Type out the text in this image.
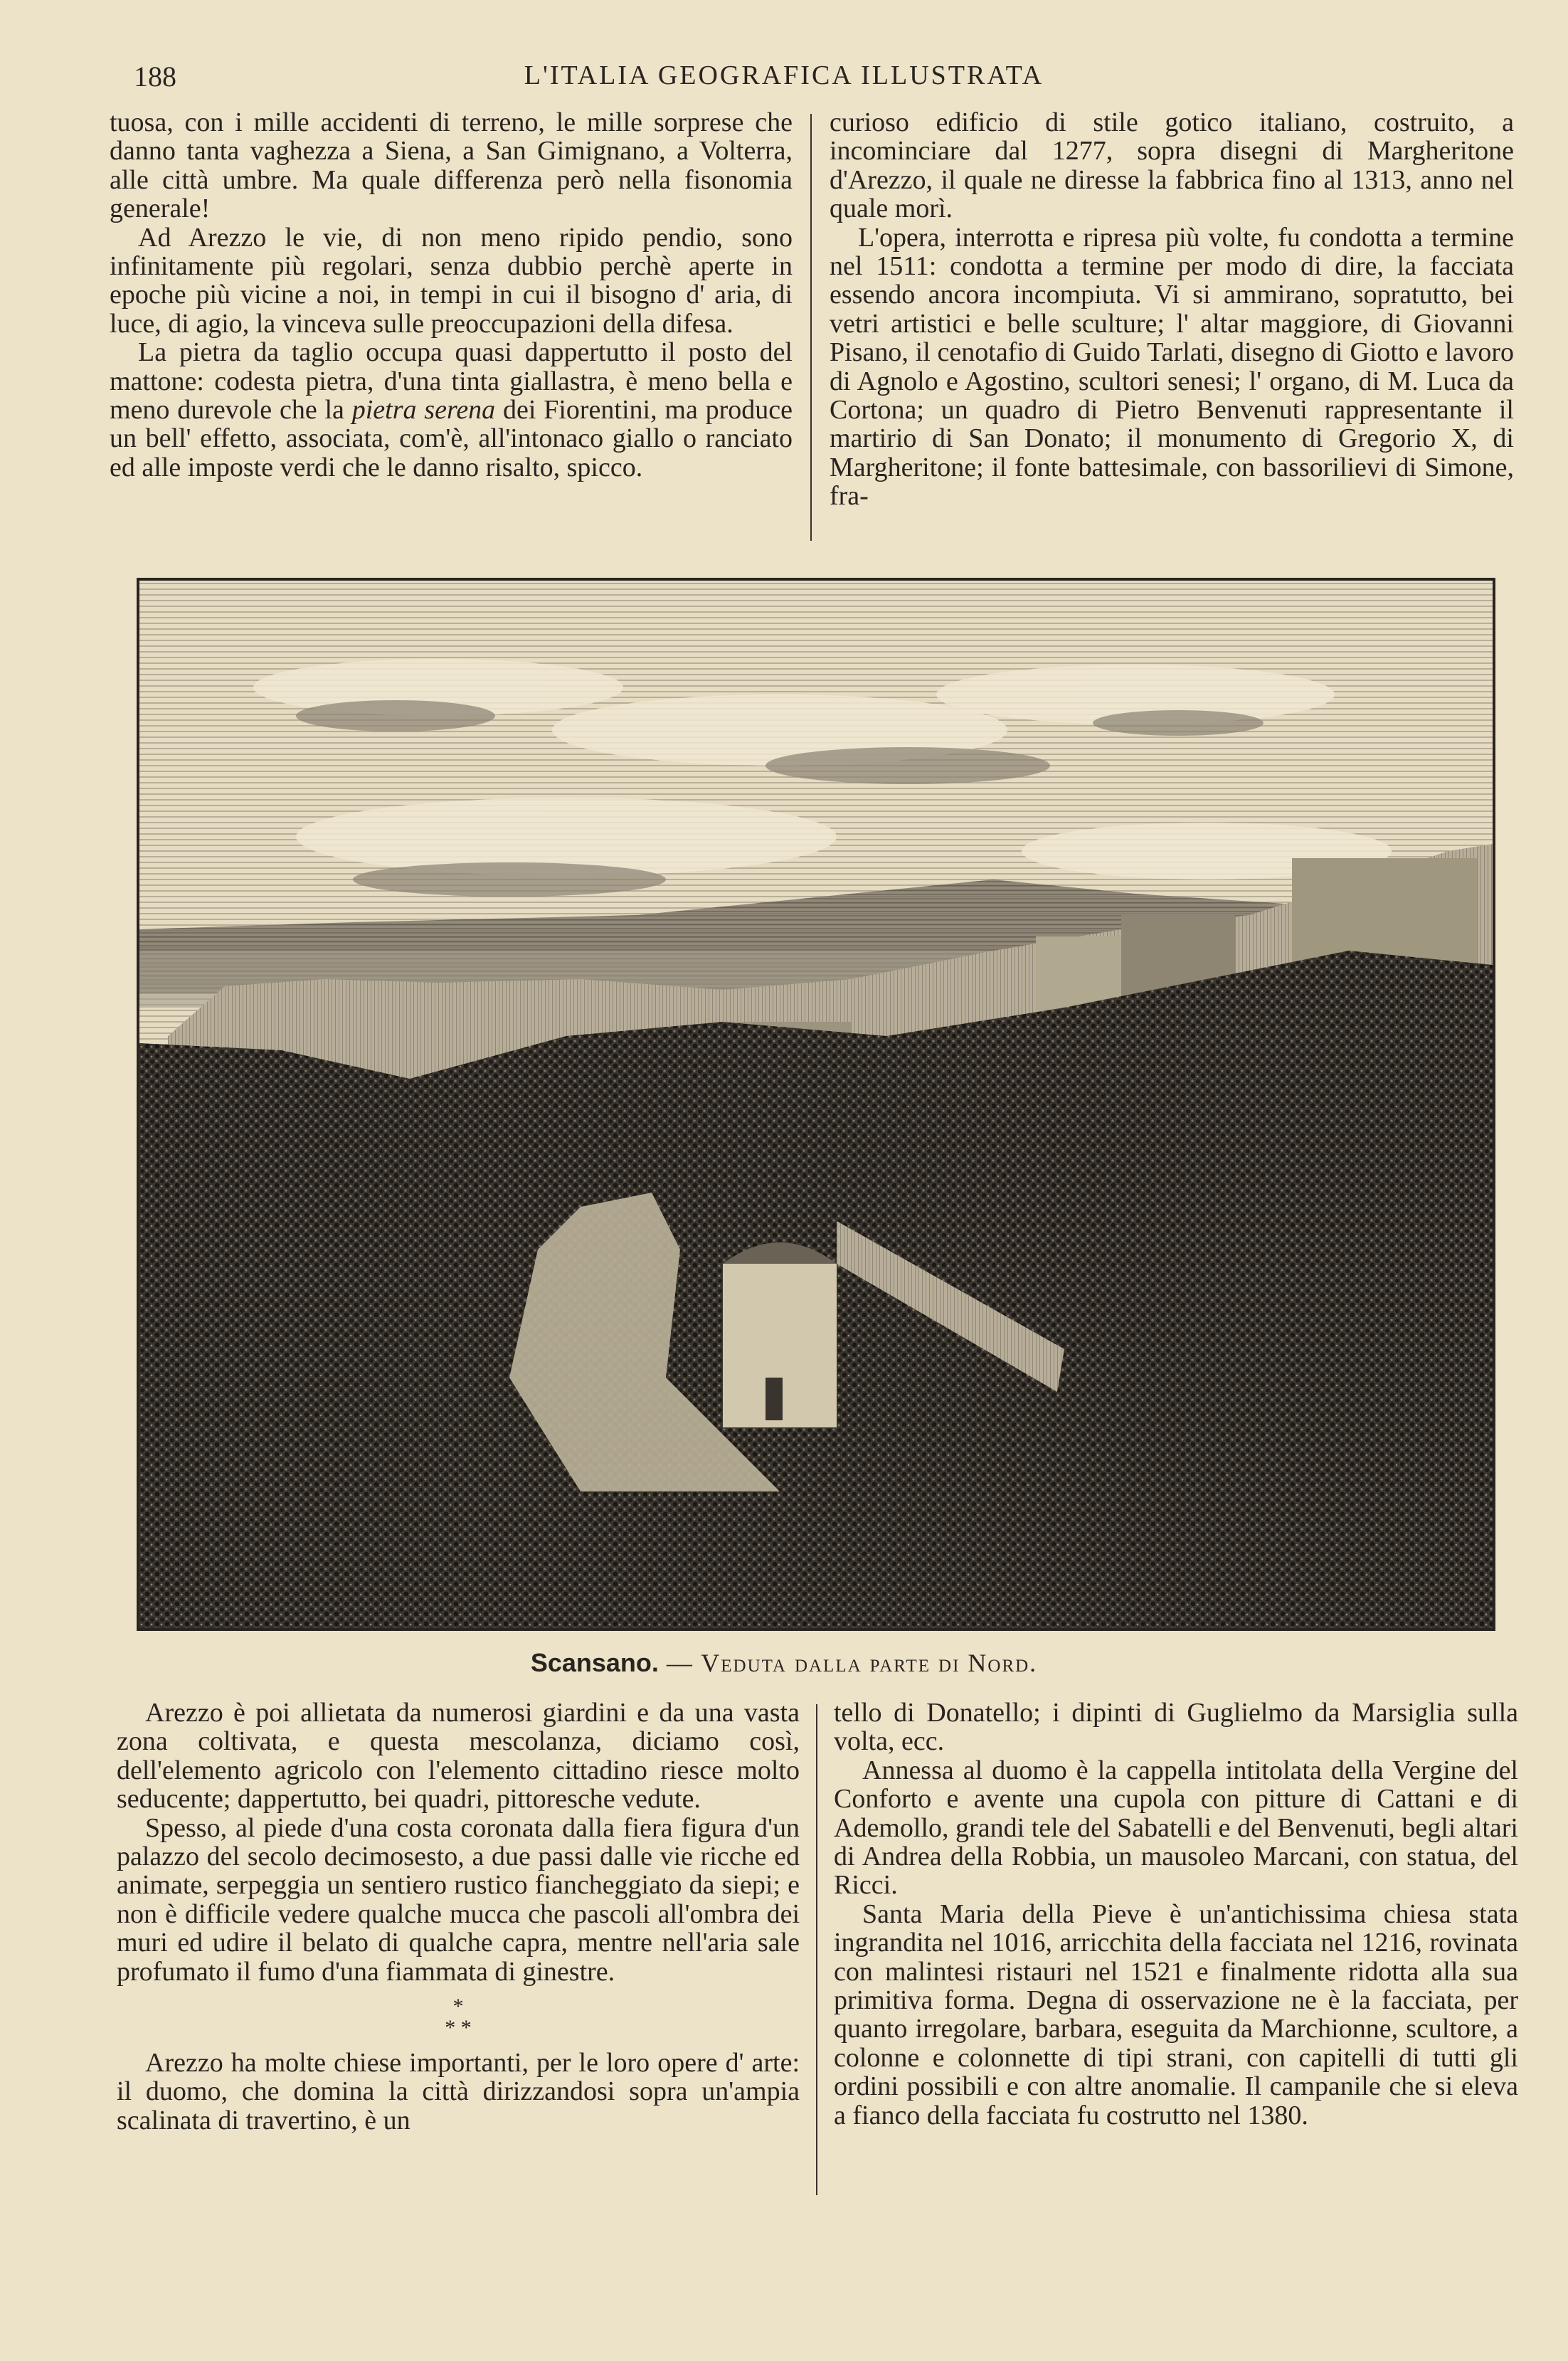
188	L'ITALIA GEOGRAFICA ILLUSTRATA

tuosa, con i mille accidenti di terreno, le mille sorprese che danno tanta vaghezza a Siena, a San Gimignano, a Volterra, alle città umbre. Ma quale differenza però nella fisonomia generale!

Ad Arezzo le vie, di non meno ripido pendio, sono infinitamente più regolari, senza dubbio perchè aperte in epoche più vicine a noi, in tempi in cui il bisogno d' aria, di luce, di agio, la vinceva sulle preoccupazioni della difesa.

La pietra da taglio occupa quasi dappertutto il posto del mattone: codesta pietra, d'una tinta giallastra, è meno bella e meno durevole che la pietra serena dei Fiorentini, ma produce un bell' effetto, associata, com'è, all'intonaco giallo o ranciato ed alle imposte verdi che le danno risalto, spicco.

curioso edificio di stile gotico italiano, costruito, a incominciare dal 1277, sopra disegni di Margheritone d'Arezzo, il quale ne diresse la fabbrica fino al 1313, anno nel quale morì.

L'opera, interrotta e ripresa più volte, fu condotta a termine nel 1511: condotta a termine per modo di dire, la facciata essendo ancora incompiuta. Vi si ammirano, sopratutto, bei vetri artistici e belle sculture; l' altar maggiore, di Giovanni Pisano, il cenotafio di Guido Tarlati, disegno di Giotto e lavoro di Agnolo e Agostino, scultori senesi; l' organo, di M. Luca da Cortona; un quadro di Pietro Benvenuti rappresentante il martirio di San Donato; il monumento di Gregorio X, di Margheritone; il fonte battesimale, con bassorilievi di Simone, fra-

Scansano. — Veduta dalla parte di Nord.

Arezzo è poi allietata da numerosi giardini e da una vasta zona coltivata, e questa mescolanza, diciamo così, dell'elemento agricolo con l'elemento cittadino riesce molto seducente; dappertutto, bei quadri, pittoresche vedute.

Spesso, al piede d'una costa coronata dalla fiera figura d'un palazzo del secolo decimosesto, a due passi dalle vie ricche ed animate, serpeggia un sentiero rustico fiancheggiato da siepi; e non è difficile vedere qualche mucca che pascoli all'ombra dei muri ed udire il belato di qualche capra, mentre nell'aria sale profumato il fumo d'una fiammata di ginestre.

*
* *

Arezzo ha molte chiese importanti, per le loro opere d' arte: il duomo, che domina la città dirizzandosi sopra un'ampia scalinata di travertino, è un

tello di Donatello; i dipinti di Guglielmo da Marsiglia sulla volta, ecc.

Annessa al duomo è la cappella intitolata della Vergine del Conforto e avente una cupola con pitture di Cattani e di Ademollo, grandi tele del Sabatelli e del Benvenuti, begli altari di Andrea della Robbia, un mausoleo Marcani, con statua, del Ricci.

Santa Maria della Pieve è un'antichissima chiesa stata ingrandita nel 1016, arricchita della facciata nel 1216, rovinata con malintesi ristauri nel 1521 e finalmente ridotta alla sua primitiva forma. Degna di osservazione ne è la facciata, per quanto irregolare, barbara, eseguita da Marchionne, scultore, a colonne e colonnette di tipi strani, con capitelli di tutti gli ordini possibili e con altre anomalie. Il campanile che si eleva a fianco della facciata fu costrutto nel 1380.
